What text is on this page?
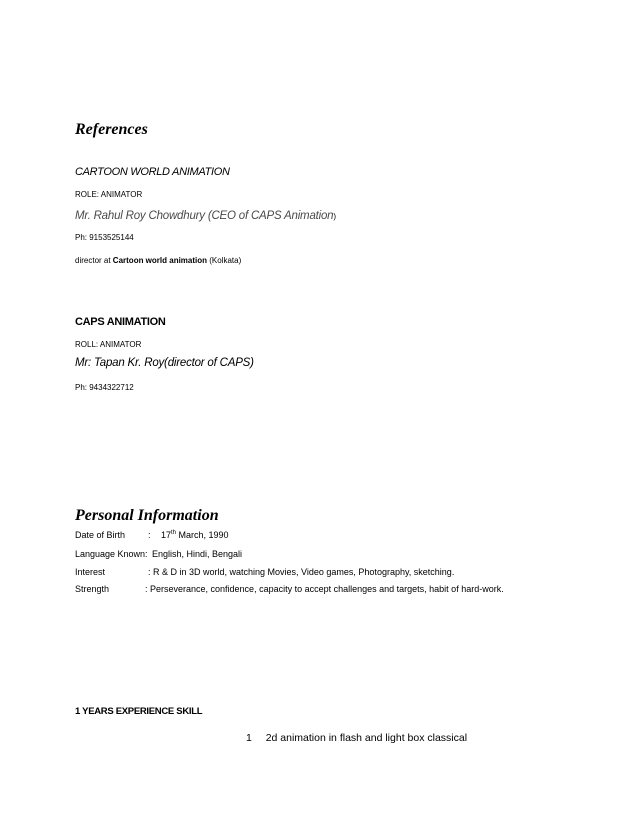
References
CARTOON WORLD ANIMATION
ROLE: ANIMATOR
Mr. Rahul Roy Chowdhury (CEO of CAPS Animation)
Ph: 9153525144
director at Cartoon world animation (Kolkata)
CAPS ANIMATION
ROLL: ANIMATOR
Mr: Tapan Kr. Roy(director of CAPS)
Ph: 9434322712
Personal Information
Date of Birth	: 17th March, 1990
Language Known: English, Hindi, Bengali
Interest	: R & D in 3D world, watching Movies, Video games, Photography, sketching.
Strength	: Perseverance, confidence, capacity to accept challenges and targets, habit of hard-work.
1 YEARS EXPERIENCE SKILL
1 2d animation in flash and light box classical
